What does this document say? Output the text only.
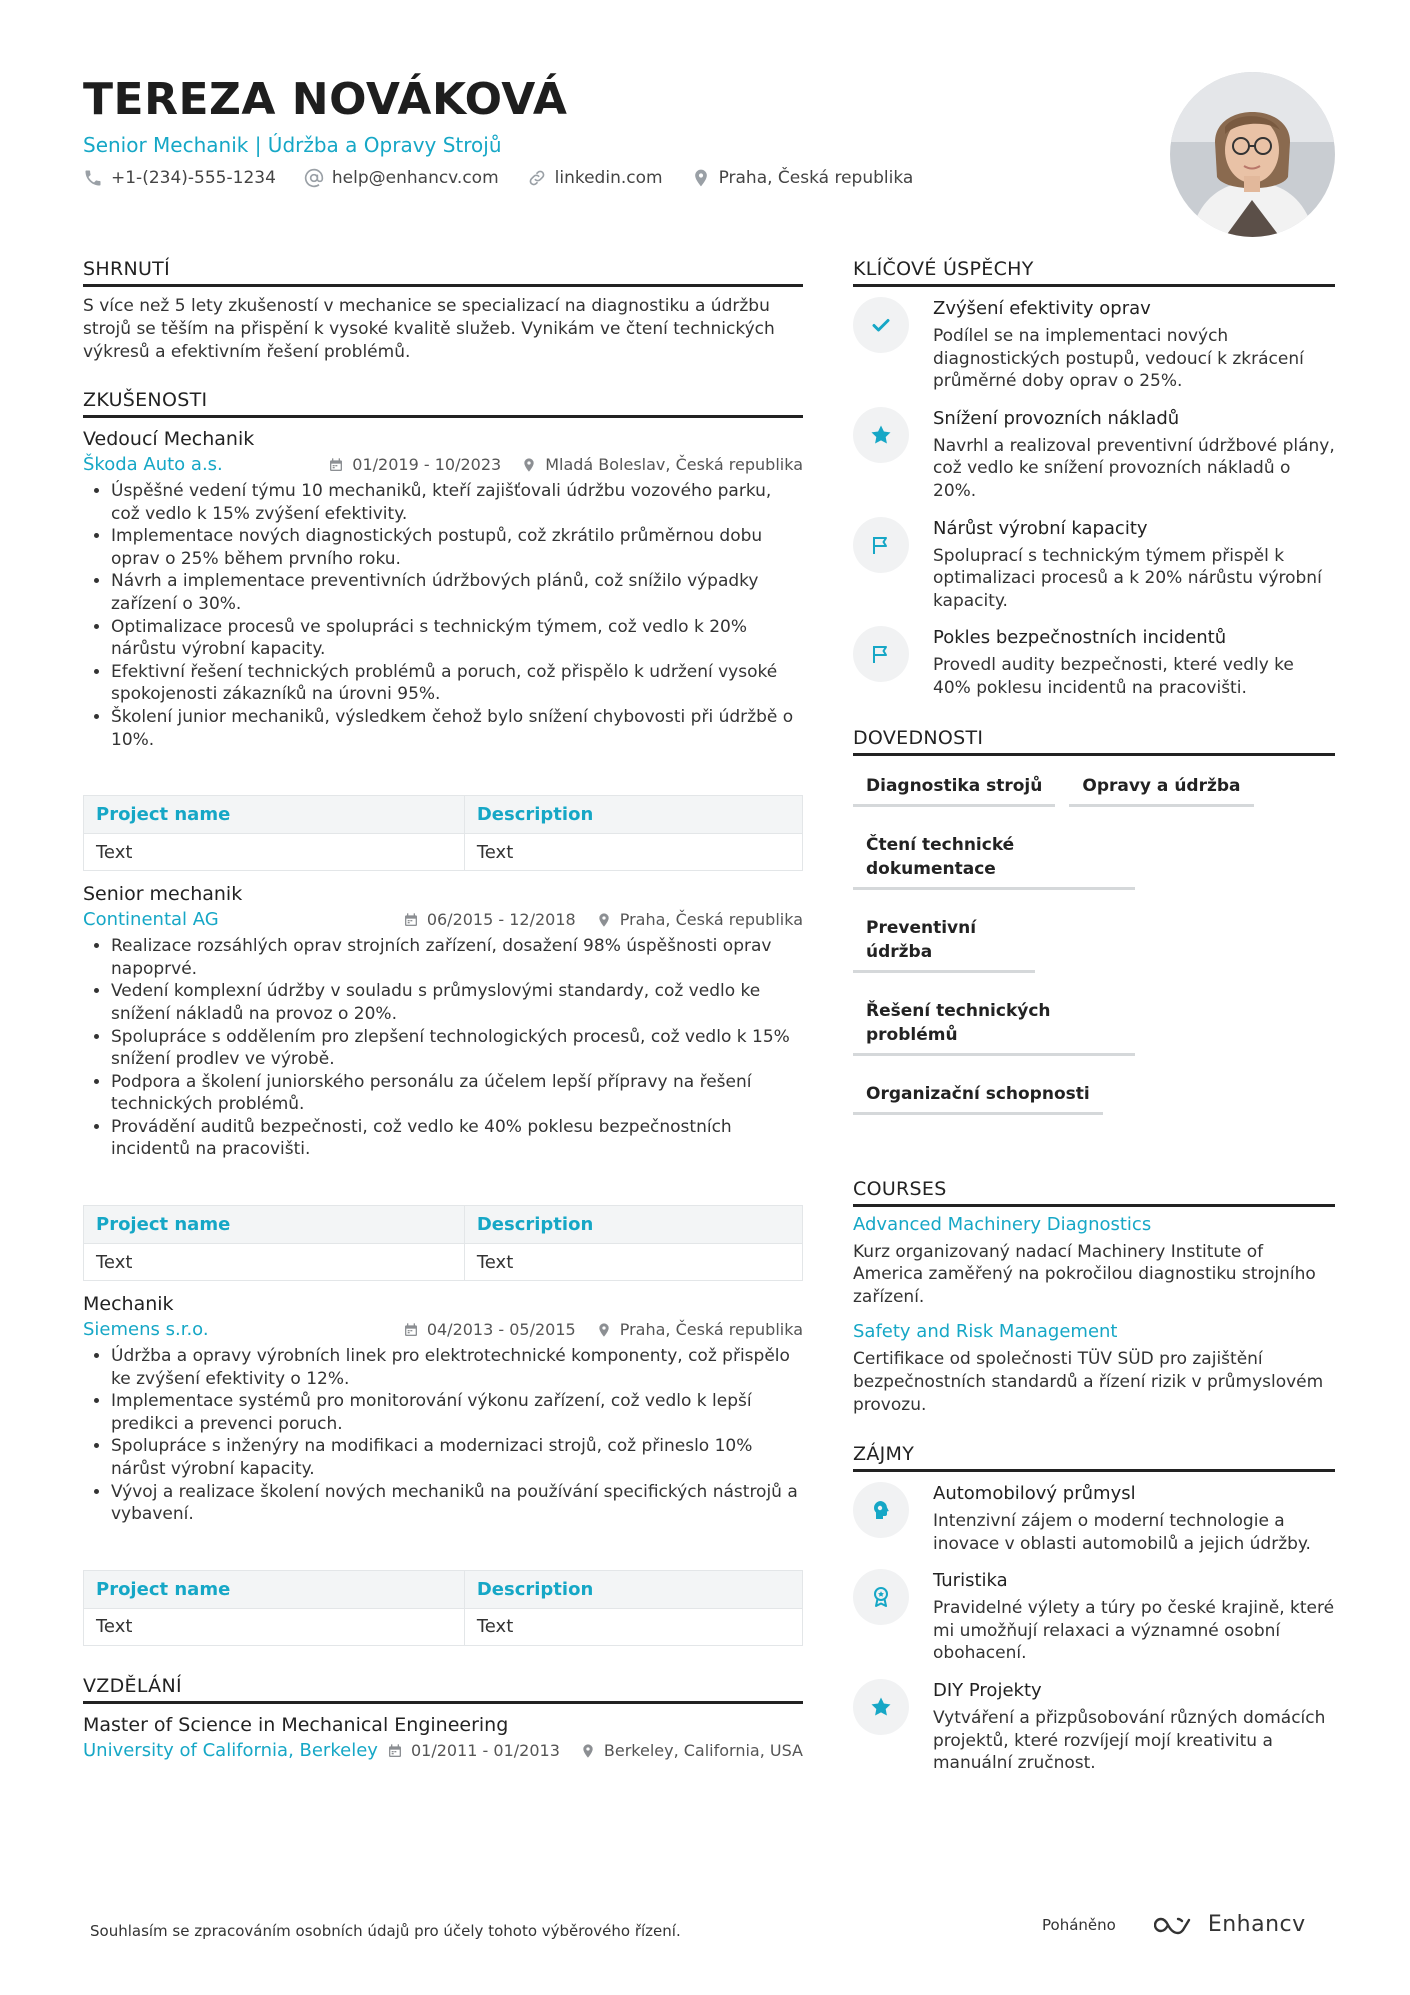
TEREZA NOVÁKOVÁ
Senior Mechanik | Údržba a Opravy Strojů
+1-(234)-555-1234	help@enhancv.com	linkedin.com	Praha, Česká republika
SHRNUTÍ
S více než 5 lety zkušeností v mechanice se specializací na diagnostiku a údržbu strojů se těším na přispění k vysoké kvalitě služeb. Vynikám ve čtení technických výkresů a efektivním řešení problémů.
ZKUŠENOSTI
Vedoucí Mechanik
Škoda Auto a.s.	01/2019 - 10/2023	Mladá Boleslav, Česká republika
• Úspěšné vedení týmu 10 mechaniků, kteří zajišťovali údržbu vozového parku, což vedlo k 15% zvýšení efektivity.
• Implementace nových diagnostických postupů, což zkrátilo průměrnou dobu oprav o 25% během prvního roku.
• Návrh a implementace preventivních údržbových plánů, což snížilo výpadky zařízení o 30%.
• Optimalizace procesů ve spolupráci s technickým týmem, což vedlo k 20% nárůstu výrobní kapacity.
• Efektivní řešení technických problémů a poruch, což přispělo k udržení vysoké spokojenosti zákazníků na úrovni 95%.
• Školení junior mechaniků, výsledkem čehož bylo snížení chybovosti při údržbě o 10%.
Project name	Description
Text	Text
Senior mechanik
Continental AG	06/2015 - 12/2018	Praha, Česká republika
• Realizace rozsáhlých oprav strojních zařízení, dosažení 98% úspěšnosti oprav napoprvé.
• Vedení komplexní údržby v souladu s průmyslovými standardy, což vedlo ke snížení nákladů na provoz o 20%.
• Spolupráce s oddělením pro zlepšení technologických procesů, což vedlo k 15% snížení prodlev ve výrobě.
• Podpora a školení juniorského personálu za účelem lepší přípravy na řešení technických problémů.
• Provádění auditů bezpečnosti, což vedlo ke 40% poklesu bezpečnostních incidentů na pracovišti.
Project name	Description
Text	Text
Mechanik
Siemens s.r.o.	04/2013 - 05/2015	Praha, Česká republika
• Údržba a opravy výrobních linek pro elektrotechnické komponenty, což přispělo ke zvýšení efektivity o 12%.
• Implementace systémů pro monitorování výkonu zařízení, což vedlo k lepší predikci a prevenci poruch.
• Spolupráce s inženýry na modifikaci a modernizaci strojů, což přineslo 10% nárůst výrobní kapacity.
• Vývoj a realizace školení nových mechaniků na používání specifických nástrojů a vybavení.
Project name	Description
Text	Text
VZDĚLÁNÍ
Master of Science in Mechanical Engineering
University of California, Berkeley 01/2011 - 01/2013	Berkeley, California, USA
KLÍČOVÉ ÚSPĚCHY
Zvýšení efektivity oprav
Podílel se na implementaci nových diagnostických postupů, vedoucí k zkrácení průměrné doby oprav o 25%.
Snížení provozních nákladů
Navrhl a realizoval preventivní údržbové plány, což vedlo ke snížení provozních nákladů o 20%.
Nárůst výrobní kapacity
Spoluprací s technickým týmem přispěl k optimalizaci procesů a k 20% nárůstu výrobní kapacity.
Pokles bezpečnostních incidentů
Provedl audity bezpečnosti, které vedly ke 40% poklesu incidentů na pracovišti.
DOVEDNOSTI
Diagnostika strojů	Opravy a údržba
Čtení technické dokumentace
Preventivní údržba
Řešení technických problémů
Organizační schopnosti
COURSES
Advanced Machinery Diagnostics
Kurz organizovaný nadací Machinery Institute of America zaměřený na pokročilou diagnostiku strojního zařízení.
Safety and Risk Management
Certifikace od společnosti TÜV SÜD pro zajištění bezpečnostních standardů a řízení rizik v průmyslovém provozu.
ZÁJMY
Automobilový průmysl
Intenzivní zájem o moderní technologie a inovace v oblasti automobilů a jejich údržby.
Turistika
Pravidelné výlety a túry po české krajině, které mi umožňují relaxaci a významné osobní obohacení.
DIY Projekty
Vytváření a přizpůsobování různých domácích projektů, které rozvíjejí mojí kreativitu a manuální zručnost.
Souhlasím se zpracováním osobních údajů pro účely tohoto výběrového řízení.	Poháněno	Enhancv
